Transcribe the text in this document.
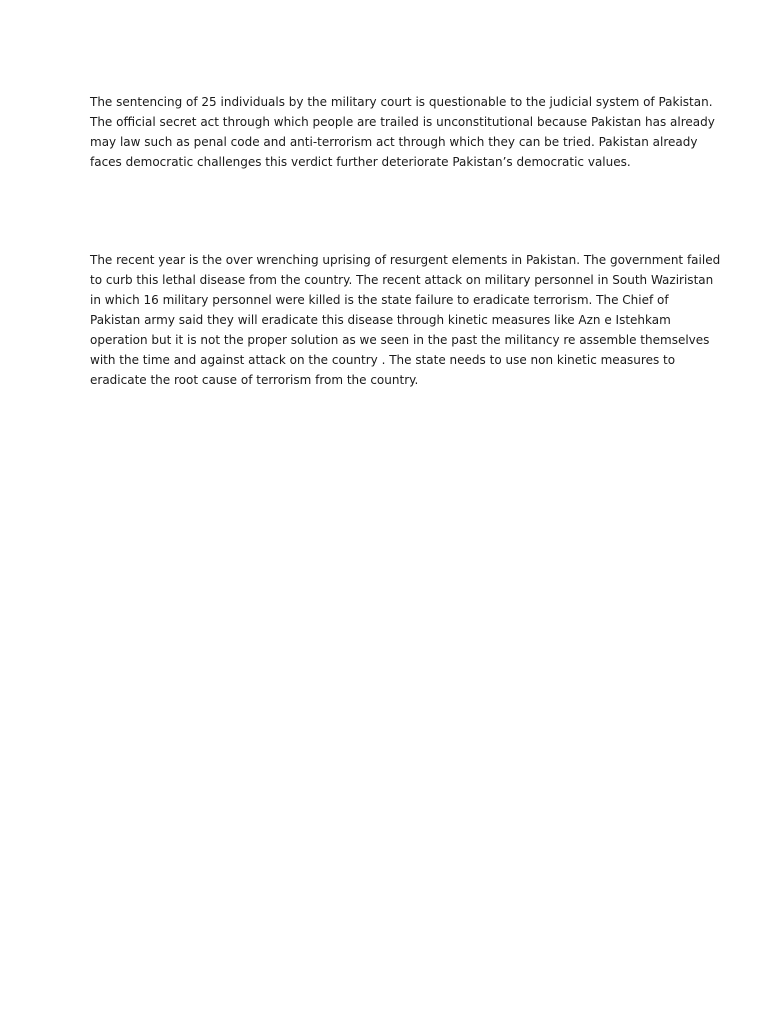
The sentencing of 25 individuals by the military court is questionable to the judicial system of Pakistan.
The official secret act through which people are trailed is unconstitutional because Pakistan has already
may law such as penal code and anti-terrorism act through which they can be tried. Pakistan already
faces democratic challenges this verdict further deteriorate Pakistan’s democratic values.

The recent year is the over wrenching uprising of resurgent elements in Pakistan. The government failed
to curb this lethal disease from the country. The recent attack on military personnel in South Waziristan
in which 16 military personnel were killed is the state failure to eradicate terrorism. The Chief of
Pakistan army said they will eradicate this disease through kinetic measures like Azn e Istehkam
operation but it is not the proper solution as we seen in the past the militancy re assemble themselves
with the time and against attack on the country . The state needs to use non kinetic measures to
eradicate the root cause of terrorism from the country.
